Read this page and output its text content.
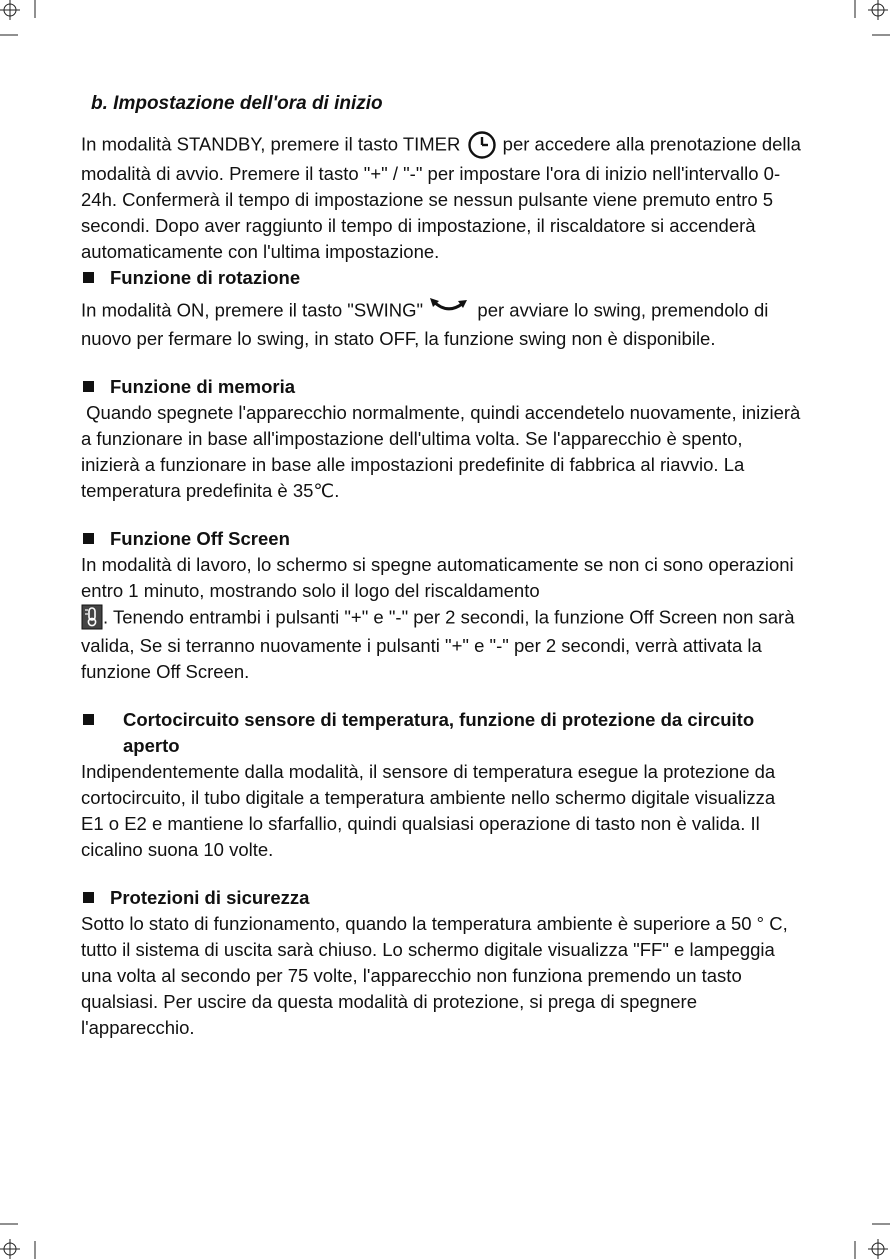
b. Impostazione dell'ora di inizio

In modalità STANDBY, premere il tasto TIMER  per accedere alla prenotazione della modalità di avvio. Premere il tasto "+" / "-" per impostare l'ora di inizio nell'intervallo 0-24h. Confermerà il tempo di impostazione se nessun pulsante viene premuto entro 5 secondi. Dopo aver raggiunto il tempo di impostazione, il riscaldatore si accenderà automaticamente con l'ultima impostazione.

Funzione di rotazione

In modalità ON, premere il tasto "SWING"	per avviare lo swing, premendolo di nuovo per fermare lo swing, in stato OFF, la funzione swing non è disponibile.

Funzione di memoria

Quando spegnete l'apparecchio normalmente, quindi accendetelo nuovamente, inizierà a funzionare in base all'impostazione dell'ultima volta. Se l'apparecchio è spento, inizierà a funzionare in base alle impostazioni predefinite di fabbrica al riavvio. La temperatura predefinita è 35℃.

Funzione Off Screen

In modalità di lavoro, lo schermo si spegne automaticamente se non ci sono operazioni entro 1 minuto, mostrando solo il logo del riscaldamento
. Tenendo entrambi i pulsanti "+" e "-" per 2 secondi, la funzione Off Screen non sarà valida, Se si terranno nuovamente i pulsanti "+" e "-" per 2 secondi, verrà attivata la funzione Off Screen.

Cortocircuito sensore di temperatura, funzione di protezione da circuito aperto

Indipendentemente dalla modalità, il sensore di temperatura esegue la protezione da cortocircuito, il tubo digitale a temperatura ambiente nello schermo digitale visualizza E1 o E2 e mantiene lo sfarfallio, quindi qualsiasi operazione di tasto non è valida. Il cicalino suona 10 volte.

Protezioni di sicurezza

Sotto lo stato di funzionamento, quando la temperatura ambiente è superiore a 50 ° C, tutto il sistema di uscita sarà chiuso. Lo schermo digitale visualizza "FF" e lampeggia una volta al secondo per 75 volte, l'apparecchio non funziona premendo un tasto qualsiasi. Per uscire da questa modalità di protezione, si prega di spegnere l'apparecchio.
